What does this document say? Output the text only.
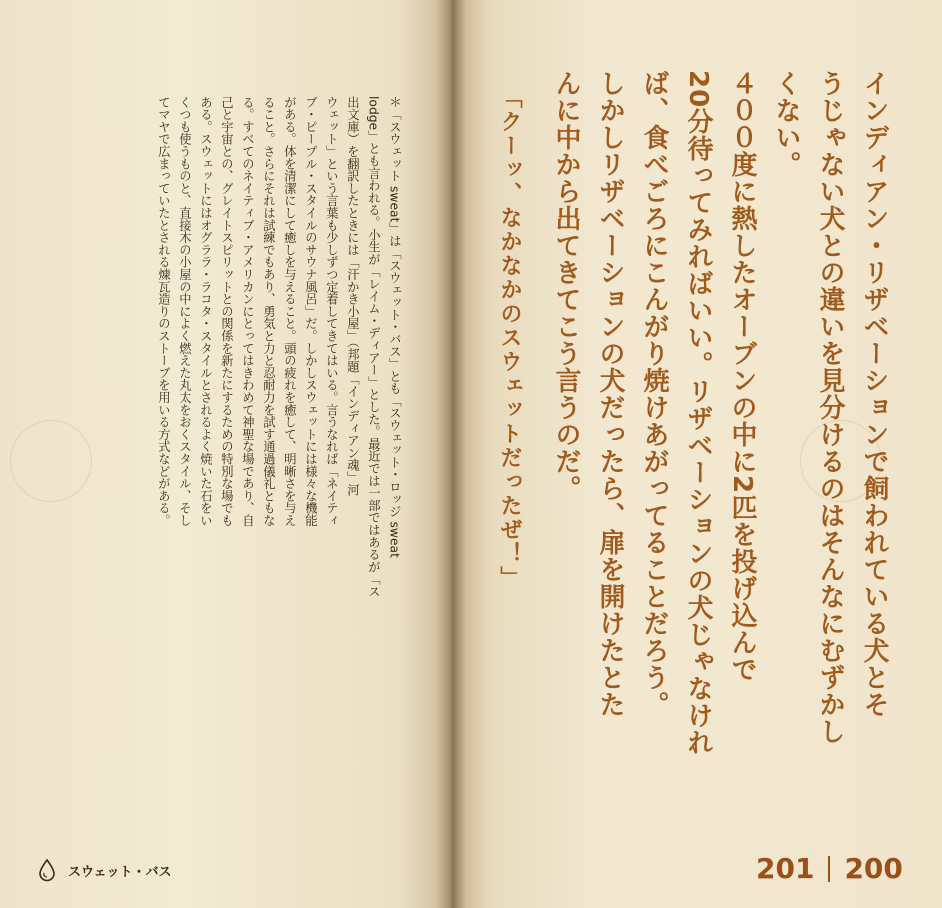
インディアン・リザベーションで飼われている犬とそ
うじゃない犬との違いを見分けるのはそんなにむずかし
くない。
４００度に熱したオーブンの中に2匹を投げ込んで
20分待ってみればいい。リザベーションの犬じゃなけれ
ば、食べごろにこんがり焼けあがってることだろう。
しかしリザベーションの犬だったら、扉を開けたとた
んに中から出てきてこう言うのだ。
「クーッ、なかなかのスウェットだったぜ！」
＊「スウェット sweat」は「スウェット・バス」とも「スウェット・ロッジ sweat
lodge」とも言われる。小生が「レイム・ディアー」とした。最近では一部ではあるが「ス
出文庫）を翻訳したときには「汗かき小屋」（邦題「インディアン魂」河
ウェット」という言葉も少しずつ定着してきてはいる。言うなれば「ネイティ
ブ・ピープル・スタイルのサウナ風呂」だ。しかしスウェットには様々な機能
がある。体を清潔にして癒しを与えること。頭の疲れを癒して、明晰さを与え
ること。さらにそれは試練でもあり、勇気と力と忍耐力を試す通過儀礼ともな
る。すべてのネイティブ・アメリカンにとってはきわめて神聖な場であり、自
己と宇宙との、グレイトスピリットとの関係を新たにするための特別な場でも
ある。スウェットにはオグララ・ラコタ・スタイルとされるよく焼いた石をい
くつも使うものと、直接木の小屋の中によく燃えた丸太をおくスタイル、そし
てマヤで広まっていたとされる煉瓦造りのストーブを用いる方式などがある。
スウェット・バス	201 200
